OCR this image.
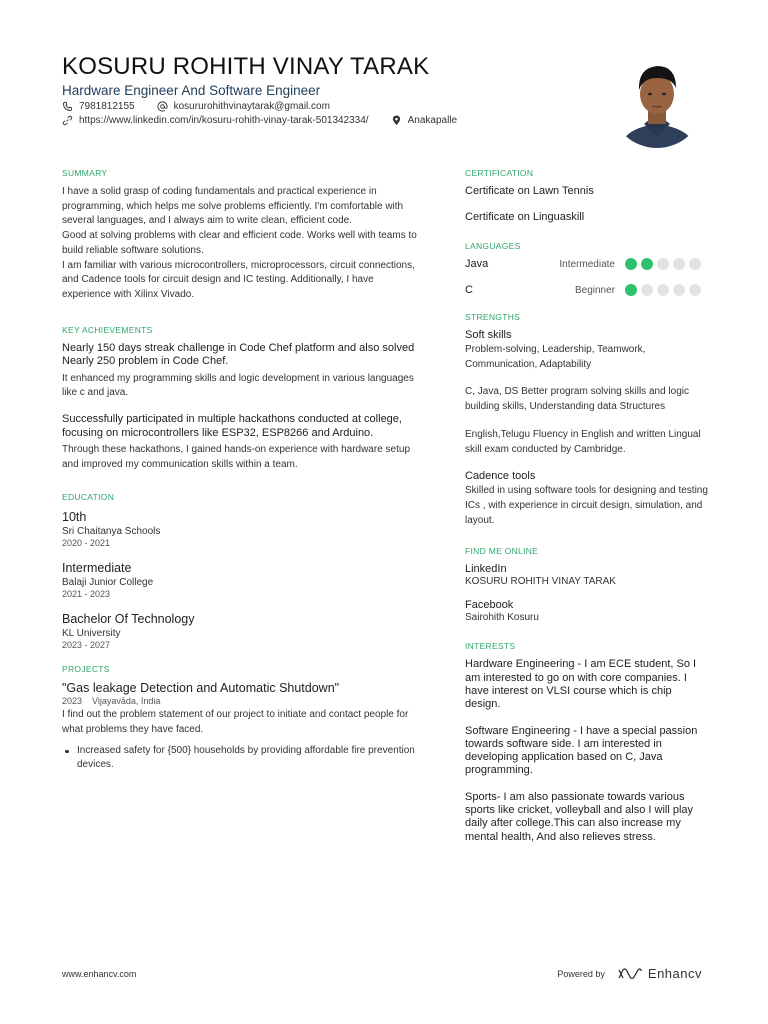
KOSURU ROHITH VINAY TARAK
Hardware Engineer And Software Engineer
7981812155	kosururohithvinaytarak@gmail.com
https://www.linkedin.com/in/kosuru-rohith-vinay-tarak-501342334/	Anakapalle
SUMMARY
I have a solid grasp of coding fundamentals and practical experience in programming, which helps me solve problems efficiently. I'm comfortable with several languages, and I always aim to write clean, efficient code.
Good at solving problems with clear and efficient code. Works well with teams to build reliable software solutions.
I am familiar with various microcontrollers, microprocessors, circuit connections, and Cadence tools for circuit design and IC testing. Additionally, I have experience with Xilinx Vivado.
KEY ACHIEVEMENTS
Nearly 150 days streak challenge in Code Chef platform and also solved Nearly 250 problem in Code Chef.
It enhanced my programming skills and logic development in various languages like c and java.
Successfully participated in multiple hackathons conducted at college, focusing on microcontrollers like ESP32, ESP8266 and Arduino.
Through these hackathons, I gained hands-on experience with hardware setup and improved my communication skills within a team.
EDUCATION
10th
Sri Chaitanya Schools
2020 - 2021
Intermediate
Balaji Junior College
2021 - 2023
Bachelor Of Technology
KL University
2023 - 2027
PROJECTS
"Gas leakage Detection and Automatic Shutdown"
2023 Vijayavāda, India
I find out the problem statement of our project to initiate and contact people for what problems they have faced.
Increased safety for {500} households by providing affordable fire prevention devices.
CERTIFICATION
Certificate on Lawn Tennis
Certificate on Linguaskill
LANGUAGES
Java	Intermediate
C	Beginner
STRENGTHS
Soft skills
Problem-solving, Leadership, Teamwork, Communication, Adaptability
C, Java, DS Better program solving skills and logic building skills, Understanding data Structures
English,Telugu Fluency in English and written Lingual skill exam conducted by Cambridge.
Cadence tools
Skilled in using software tools for designing and testing ICs , with experience in circuit design, simulation, and layout.
FIND ME ONLINE
LinkedIn
KOSURU ROHITH VINAY TARAK
Facebook
Sairohith Kosuru
INTERESTS
Hardware Engineering - I am ECE student, So I am interested to go on with core companies. I have interest on VLSI course which is chip design.
Software Engineering - I have a special passion towards software side. I am interested in developing application based on C, Java programming.
Sports- I am also passionate towards various sports like cricket, volleyball and also I will play daily after college.This can also increase my mental health, And also relieves stress.
www.enhancv.com	Powered by	Enhancv
